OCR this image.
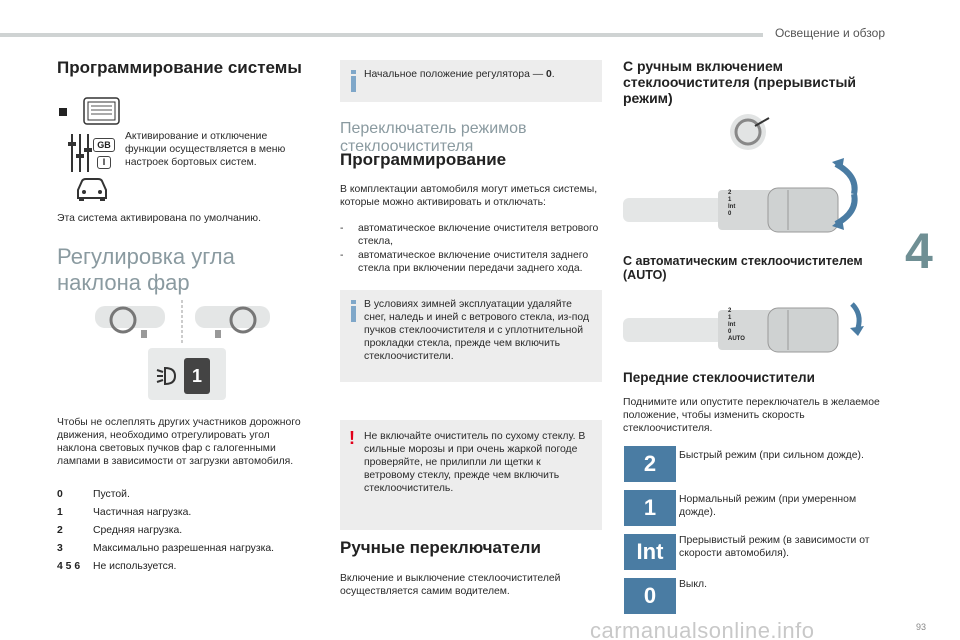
Освещение и обзор
4
93
Программирование системы
GB
I
Активирование и отключение функции осуществляется в меню настроек бортовых систем.
Эта система активирована по умолчанию.
Регулировка угла наклона фар
1
Чтобы не ослеплять других участников дорожного движения, необходимо отрегулировать угол наклона световых пучков фар с галогенными лампами в зависимости от загрузки автомобиля.
0	Пустой.
1	Частичная нагрузка.
2	Средняя нагрузка.
3	Максимально разрешенная нагрузка.
4 5 6	Не используется.
Начальное положение регулятора — 0.
Переключатель режимов стеклоочистителя
Программирование
В комплектации автомобиля могут иметься системы, которые можно активировать и отключать:
-	автоматическое включение очистителя ветрового стекла,
-	автоматическое включение очистителя заднего стекла при включении передачи заднего хода.
В условиях зимней эксплуатации удаляйте снег, наледь и иней с ветрового стекла, из-под пучков стеклоочистителя и с уплотнительной прокладки стекла, прежде чем включить стеклоочистители.
! Не включайте очиститель по сухому стеклу. В сильные морозы и при очень жаркой погоде проверяйте, не прилипли ли щетки к ветровому стеклу, прежде чем включить стеклоочиститель.
Ручные переключатели
Включение и выключение стеклоочистителей осуществляется самим водителем.
С ручным включением стеклоочистителя (прерывистый режим)
2
1
Int
0
С автоматическим стеклоочистителем (AUTO)
2
1
Int
0
AUTO
Передние стеклоочистители
Поднимите или опустите переключатель в желаемое положение, чтобы изменить скорость стеклоочистителя.
2	Быстрый режим (при сильном дожде).
1	Нормальный режим (при умеренном дожде).
Int	Прерывистый режим (в зависимости от скорости автомобиля).
0	Выкл.
carmanualsonline.info
